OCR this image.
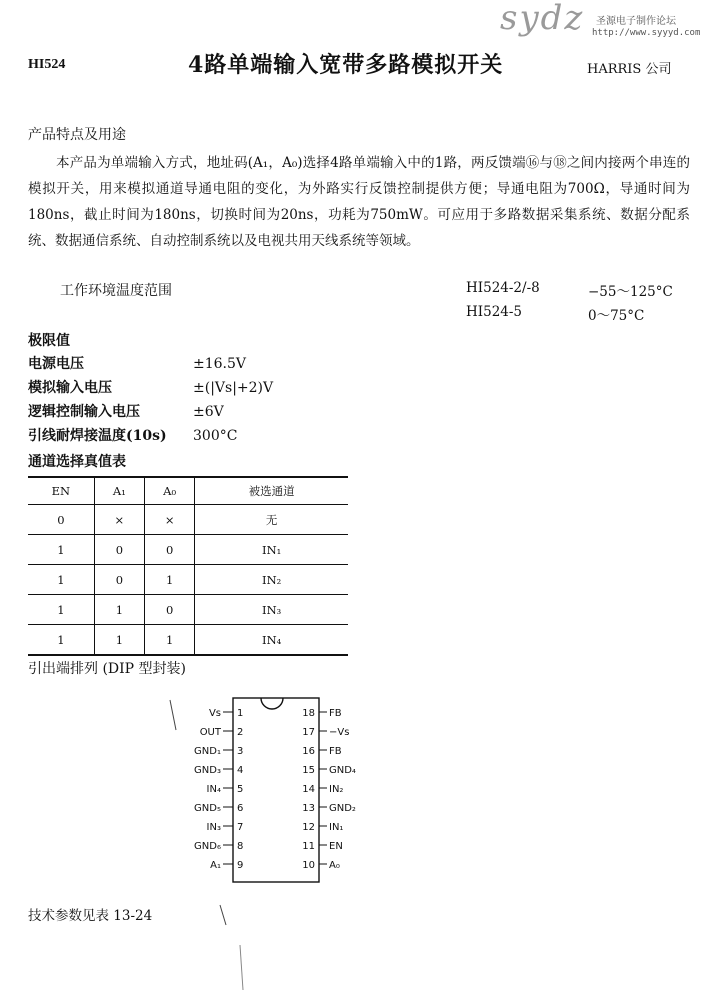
HI524	4路单端输入宽带多路模拟开关	HARRIS 公司
sydz 圣源电子制作论坛
http://www.syyyd.com
产品特点及用途

本产品为单端输入方式，地址码(A₁，A₀)选择4路单端输入中的1路，两反馈端⑯与⑱之间内接两个串连的模拟开关，用来模拟通道导通电阻的变化，为外路实行反馈控制提供方便；导通电阻为700Ω，导通时间为180ns，截止时间为180ns，切换时间为20ns，功耗为750mW。可应用于多路数据采集系统、数据分配系统、数据通信系统、自动控制系统以及电视共用天线系统等领域。

工作环境温度范围	HI524-2/-8	−55～125°C
HI524-5	0～75°C
极限值
电源电压	±16.5V
模拟输入电压	±(|Vs|+2)V
逻辑控制输入电压	±6V
引线耐焊接温度(10s) 300°C
通道选择真值表
EN	A₁	A₀	被选通道
0	×	×	无
1	0	0	IN₁
1	0	1	IN₂
1	1	0	IN₃
1	1	1	IN₄
引出端排列 (DIP 型封装)
Vs 1
OUT 2
GND₁ 3
GND₃ 4
IN₄ 5
GND₅ 6
IN₃ 7
GND₆ 8
A₁ 9
FB
18
−Vs
17
FB
16
GND₄
15
IN₂
14
GND₂
13
IN₁
12
EN
11
A₀
10
技术参数见表 13-24
